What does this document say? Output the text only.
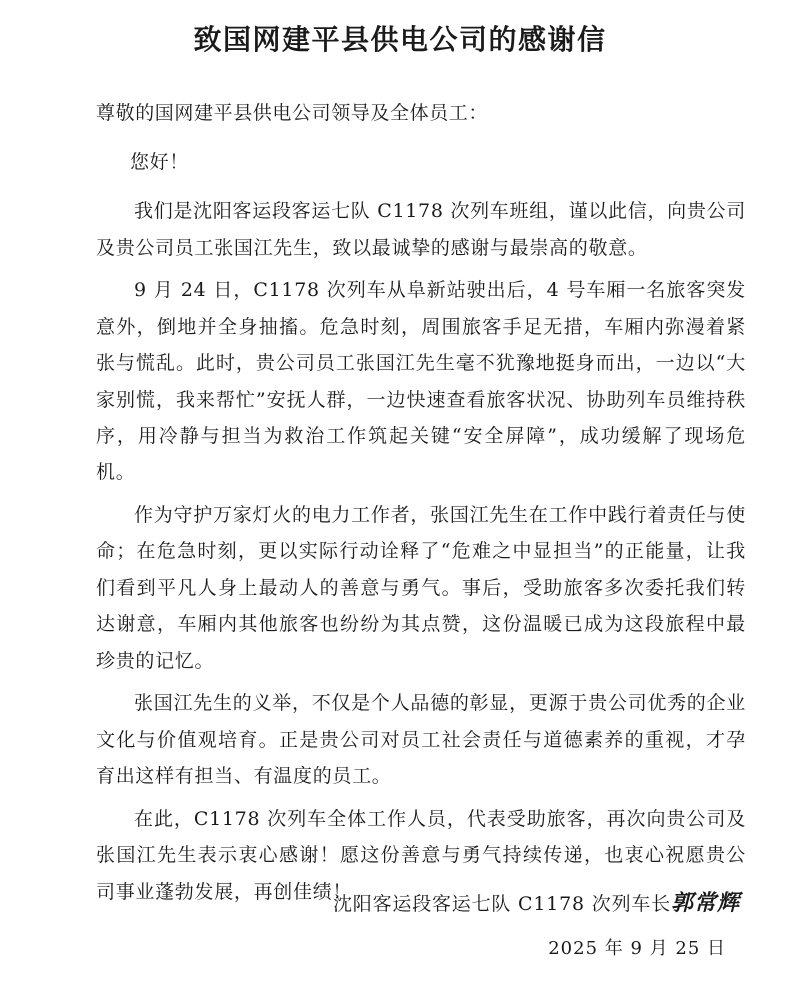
致国网建平县供电公司的感谢信
尊敬的国网建平县供电公司领导及全体员工：
您好！

我们是沈阳客运段客运七队 C1178 次列车班组，谨以此信，向贵公司及贵公司员工张国江先生，致以最诚挚的感谢与最崇高的敬意。

9 月 24 日，C1178 次列车从阜新站驶出后，4 号车厢一名旅客突发意外，倒地并全身抽搐。危急时刻，周围旅客手足无措，车厢内弥漫着紧张与慌乱。此时，贵公司员工张国江先生毫不犹豫地挺身而出，一边以“大家别慌，我来帮忙”安抚人群，一边快速查看旅客状况、协助列车员维持秩序，用冷静与担当为救治工作筑起关键“安全屏障”，成功缓解了现场危机。

作为守护万家灯火的电力工作者，张国江先生在工作中践行着责任与使命；在危急时刻，更以实际行动诠释了“危难之中显担当”的正能量，让我们看到平凡人身上最动人的善意与勇气。事后，受助旅客多次委托我们转达谢意，车厢内其他旅客也纷纷为其点赞，这份温暖已成为这段旅程中最珍贵的记忆。

张国江先生的义举，不仅是个人品德的彰显，更源于贵公司优秀的企业文化与价值观培育。正是贵公司对员工社会责任与道德素养的重视，才孕育出这样有担当、有温度的员工。

在此，C1178 次列车全体工作人员，代表受助旅客，再次向贵公司及张国江先生表示衷心感谢！愿这份善意与勇气持续传递，也衷心祝愿贵公司事业蓬勃发展，再创佳绩！

沈阳客运段客运七队 C1178 次列车长郭常辉
2025 年 9 月 25 日
